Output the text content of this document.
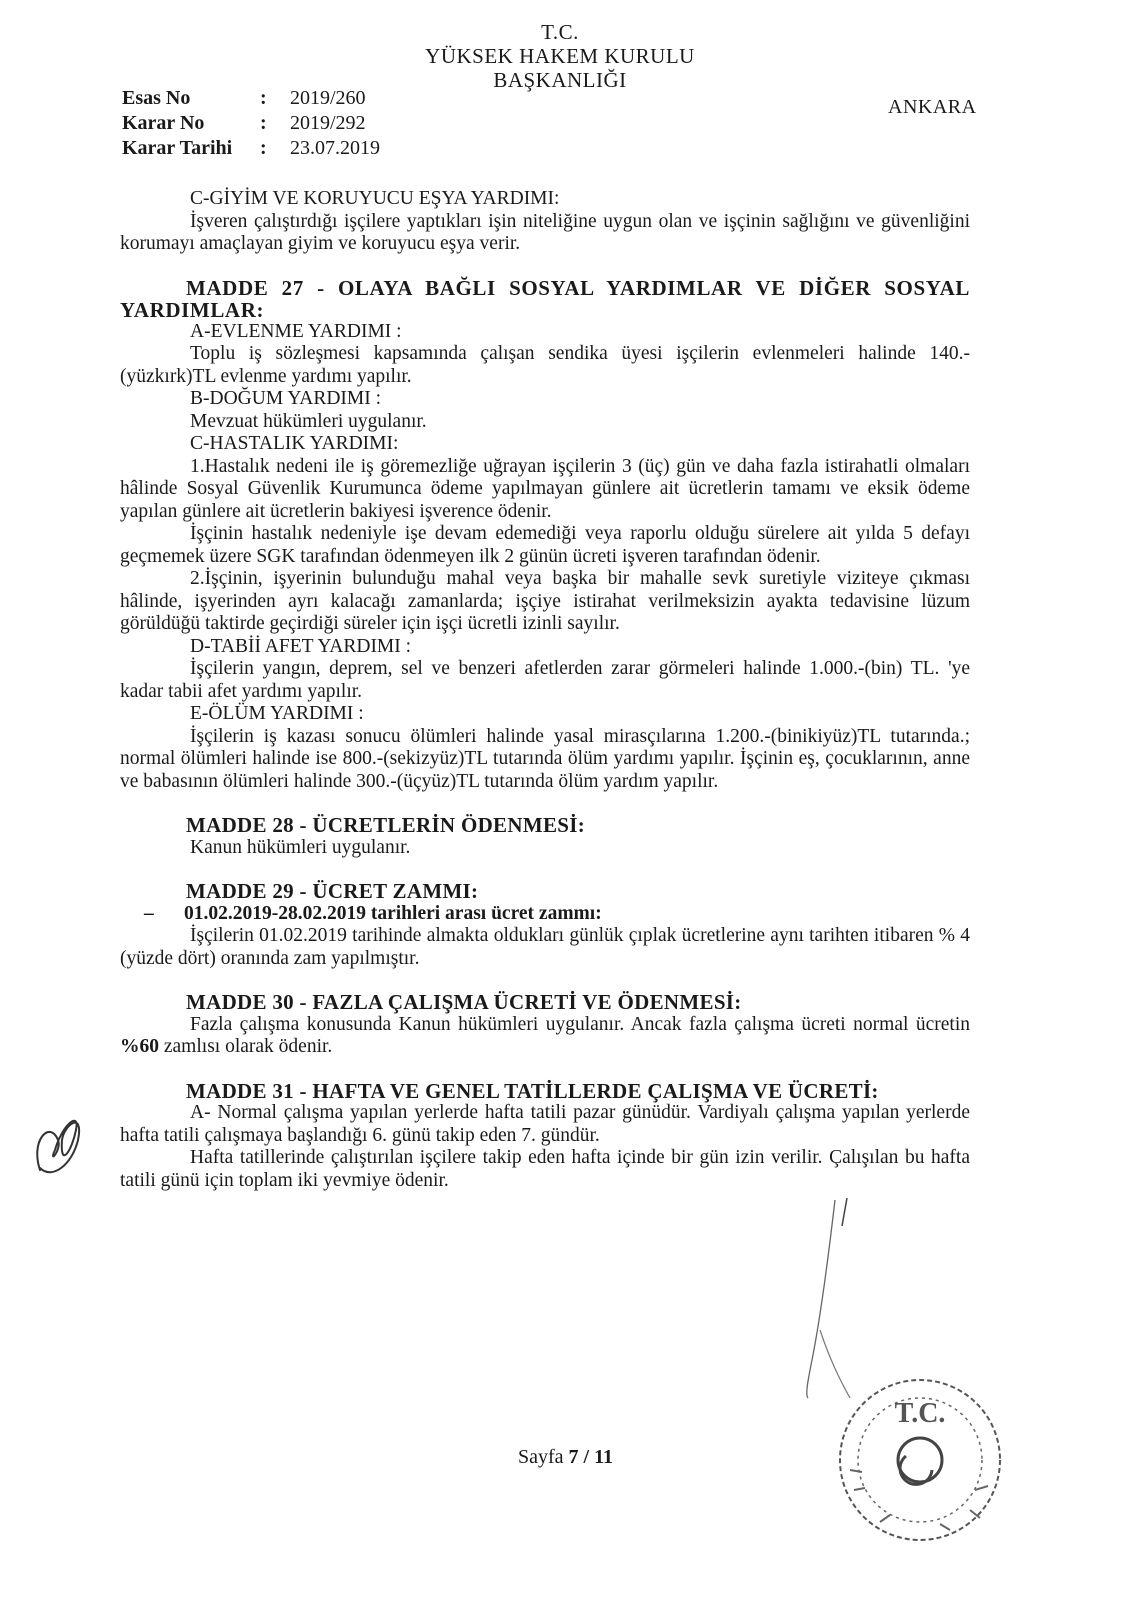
T.C.
YÜKSEK HAKEM KURULU
BAŞKANLIĞI
Esas No	: 2019/260
Karar No	: 2019/292
Karar Tarihi : 23.07.2019
ANKARA
C-GİYİM VE KORUYUCU EŞYA YARDIMI:
İşveren çalıştırdığı işçilere yaptıkları işin niteliğine uygun olan ve işçinin sağlığını ve güvenliğini korumayı amaçlayan giyim ve koruyucu eşya verir.
MADDE 27 - OLAYA BAĞLI SOSYAL YARDIMLAR VE DİĞER SOSYAL YARDIMLAR:
A-EVLENME YARDIMI :
Toplu iş sözleşmesi kapsamında çalışan sendika üyesi işçilerin evlenmeleri halinde 140.-(yüzkırk)TL evlenme yardımı yapılır.
B-DOĞUM YARDIMI :
Mevzuat hükümleri uygulanır.
C-HASTALIK YARDIMI:
1.Hastalık nedeni ile iş göremezliğe uğrayan işçilerin 3 (üç) gün ve daha fazla istirahatli olmaları hâlinde Sosyal Güvenlik Kurumunca ödeme yapılmayan günlere ait ücretlerin tamamı ve eksik ödeme yapılan günlere ait ücretlerin bakiyesi işverence ödenir.
İşçinin hastalık nedeniyle işe devam edemediği veya raporlu olduğu sürelere ait yılda 5 defayı geçmemek üzere SGK tarafından ödenmeyen ilk 2 günün ücreti işveren tarafından ödenir.
2.İşçinin, işyerinin bulunduğu mahal veya başka bir mahalle sevk suretiyle viziteye çıkması hâlinde, işyerinden ayrı kalacağı zamanlarda; işçiye istirahat verilmeksizin ayakta tedavisine lüzum görüldüğü taktirde geçirdiği süreler için işçi ücretli izinli sayılır.
D-TABİİ AFET YARDIMI :
İşçilerin yangın, deprem, sel ve benzeri afetlerden zarar görmeleri halinde 1.000.-(bin) TL. 'ye kadar tabii afet yardımı yapılır.
E-ÖLÜM YARDIMI :
İşçilerin iş kazası sonucu ölümleri halinde yasal mirasçılarına 1.200.-(binikiyüz)TL tutarında.; normal ölümleri halinde ise 800.-(sekizyüz)TL tutarında ölüm yardımı yapılır. İşçinin eş, çocuklarının, anne ve babasının ölümleri halinde 300.-(üçyüz)TL tutarında ölüm yardım yapılır.
MADDE 28 - ÜCRETLERİN ÖDENMESİ:
Kanun hükümleri uygulanır.
MADDE 29 - ÜCRET ZAMMI:
– 01.02.2019-28.02.2019 tarihleri arası ücret zammı:
İşçilerin 01.02.2019 tarihinde almakta oldukları günlük çıplak ücretlerine aynı tarihten itibaren % 4 (yüzde dört) oranında zam yapılmıştır.
MADDE 30 - FAZLA ÇALIŞMA ÜCRETİ VE ÖDENMESİ:
Fazla çalışma konusunda Kanun hükümleri uygulanır. Ancak fazla çalışma ücreti normal ücretin %60 zamlısı olarak ödenir.
MADDE 31 - HAFTA VE GENEL TATİLLERDE ÇALIŞMA VE ÜCRETİ:
A- Normal çalışma yapılan yerlerde hafta tatili pazar günüdür. Vardiyalı çalışma yapılan yerlerde hafta tatili çalışmaya başlandığı 6. günü takip eden 7. gündür.
Hafta tatillerinde çalıştırılan işçilere takip eden hafta içinde bir gün izin verilir. Çalışılan bu hafta tatili günü için toplam iki yevmiye ödenir.
Sayfa 7 / 11
T.C.
